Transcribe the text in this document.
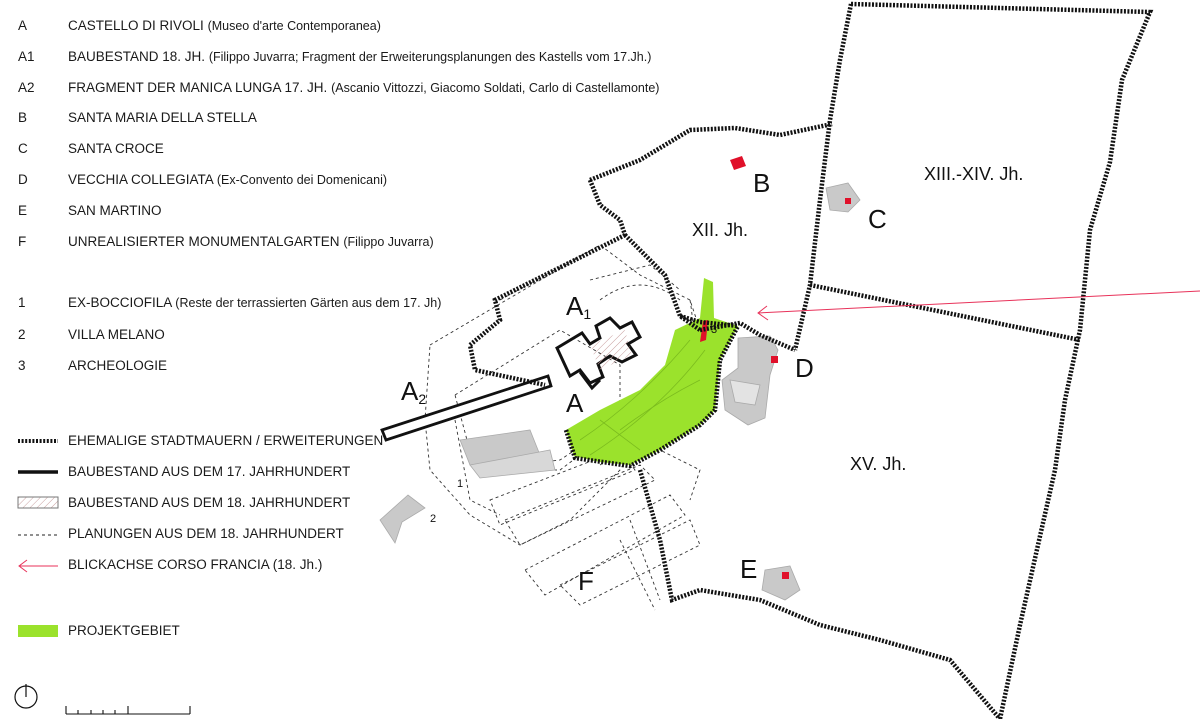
A	CASTELLO DI RIVOLI (Museo d'arte Contemporanea)
A1 BAUBESTAND 18. JH. (Filippo Juvarra; Fragment der Erweiterungsplanungen des Kastells vom 17.Jh.)
A2 FRAGMENT DER MANICA LUNGA 17. JH. (Ascanio Vittozzi, Giacomo Soldati, Carlo di Castellamonte)
B	SANTA MARIA DELLA STELLA
C	SANTA CROCE
D	VECCHIA COLLEGIATA (Ex-Convento dei Domenicani)
E	SAN MARTINO
F	UNREALISIERTER MONUMENTALGARTEN (Filippo Juvarra)
1	EX-BOCCIOFILA (Reste der terrassierten Gärten aus dem 17. Jh)
2	VILLA MELANO
3	ARCHEOLOGIE
EHEMALIGE STADTMAUERN / ERWEITERUNGEN
BAUBESTAND AUS DEM 17. JAHRHUNDERT
BAUBESTAND AUS DEM 18. JAHRHUNDERT
PLANUNGEN AUS DEM 18. JAHRHUNDERT
BLICKACHSE CORSO FRANCIA (18. Jh.)
PROJEKTGEBIET
A1
A
A2
B
C
D
E
F
1
2
3
XII. Jh.
XIII.-XIV. Jh.
XV. Jh.
